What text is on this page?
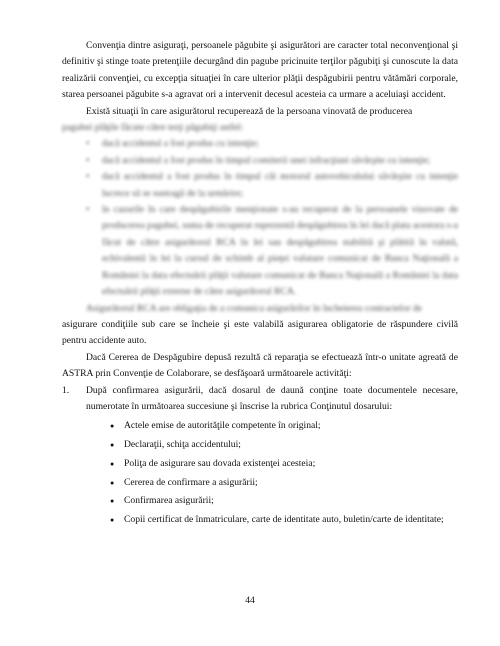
Convenţia dintre asiguraţi, persoanele păgubite şi asigurători are caracter total neconvenţional şi definitiv şi stinge toate pretenţiile decurgând din pagube pricinuite terţilor păgubiţi şi cunoscute la data realizării convenţiei, cu excepţia situaţiei în care ulterior plăţii despăgubirii pentru vătămări corporale, starea persoanei păgubite s-a agravat ori a intervenit decesul acesteia ca urmare a aceluiaşi accident.

Există situaţii în care asigurătorul recuperează de la persoana vinovată de producerea

pagubei plăţile făcute către terţi păgubiţi astfel:

• dacă accidentul a fost produs cu intenţie;
• dacă accidentul a fost produs în timpul comiterii unei infracţiuni săvârşite cu intenţie;
• dacă accidentul a fost produs în timpul căi motorul autovehiculului săvârşite cu intenţie lucrece să se sustragă de la urmărire;
• în cazurile în care despăgubirile menţionate s-au recuperat de la persoanele vinovate de producerea pagubei, suma de recuperat reprezentă despăgubirea în lei dacă plata acestora s-a făcut de către asigurătorul RCA în lei sau despăgubirea stabilită şi plătită în valută, echivalentă în lei la cursul de schimb al pieţei valutare comunicat de Banca Naţională a României la data efectuării plăţii valutare comunicat de Banca Naţională a României la data efectuării plăţii externe de către asigurătorul RCA.

Asigurătorul RCA are obligaţia de a comunica asigurărilor în încheierea contractelor de

asigurare condiţiile sub care se încheie şi este valabilă asigurarea obligatorie de răspundere civilă pentru accidente auto.

Dacă Cererea de Despăgubire depusă rezultă că reparaţia se efectuează într-o unitate agreată de ASTRA prin Convenţie de Colaborare, se desfăşoară următoarele activităţi:

1. După confirmarea asigurării, dacă dosarul de daună conţine toate documentele necesare, numerotate în următoarea succesiune şi înscrise la rubrica Conţinutul dosarului:
● Actele emise de autorităţile competente în original;
● Declaraţii, schiţa accidentului;
● Poliţa de asigurare sau dovada existenţei acesteia;
● Cererea de confirmare a asigurării;
● Confirmarea asigurării;
● Copii certificat de înmatriculare, carte de identitate auto, buletin/carte de identitate;
44
